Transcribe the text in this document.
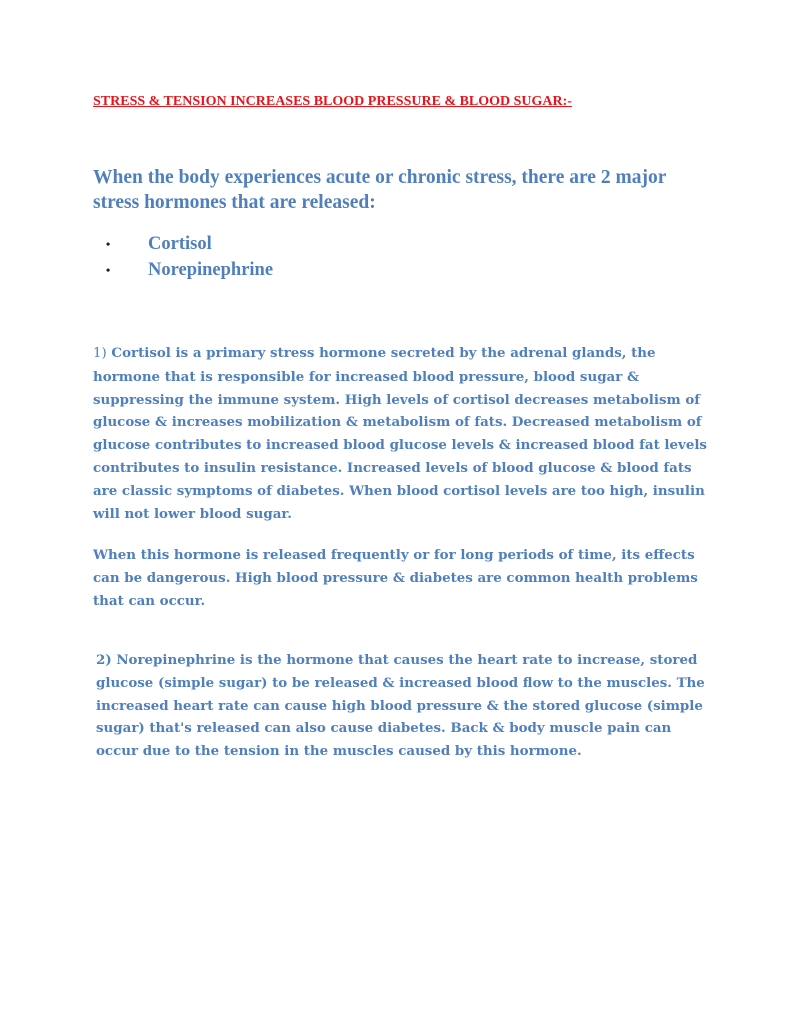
STRESS & TENSION INCREASES BLOOD PRESSURE & BLOOD SUGAR:-

When the body experiences acute or chronic stress, there are 2 major stress hormones that are released:

• Cortisol
• Norepinephrine

1) Cortisol is a primary stress hormone secreted by the adrenal glands, the hormone that is responsible for increased blood pressure, blood sugar & suppressing the immune system. High levels of cortisol decreases metabolism of glucose & increases mobilization & metabolism of fats. Decreased metabolism of glucose contributes to increased blood glucose levels & increased blood fat levels contributes to insulin resistance. Increased levels of blood glucose & blood fats are classic symptoms of diabetes. When blood cortisol levels are too high, insulin will not lower blood sugar.

When this hormone is released frequently or for long periods of time, its effects can be dangerous. High blood pressure & diabetes are common health problems that can occur.

2) Norepinephrine is the hormone that causes the heart rate to increase, stored glucose (simple sugar) to be released & increased blood flow to the muscles. The increased heart rate can cause high blood pressure & the stored glucose (simple sugar) that's released can also cause diabetes. Back & body muscle pain can occur due to the tension in the muscles caused by this hormone.
